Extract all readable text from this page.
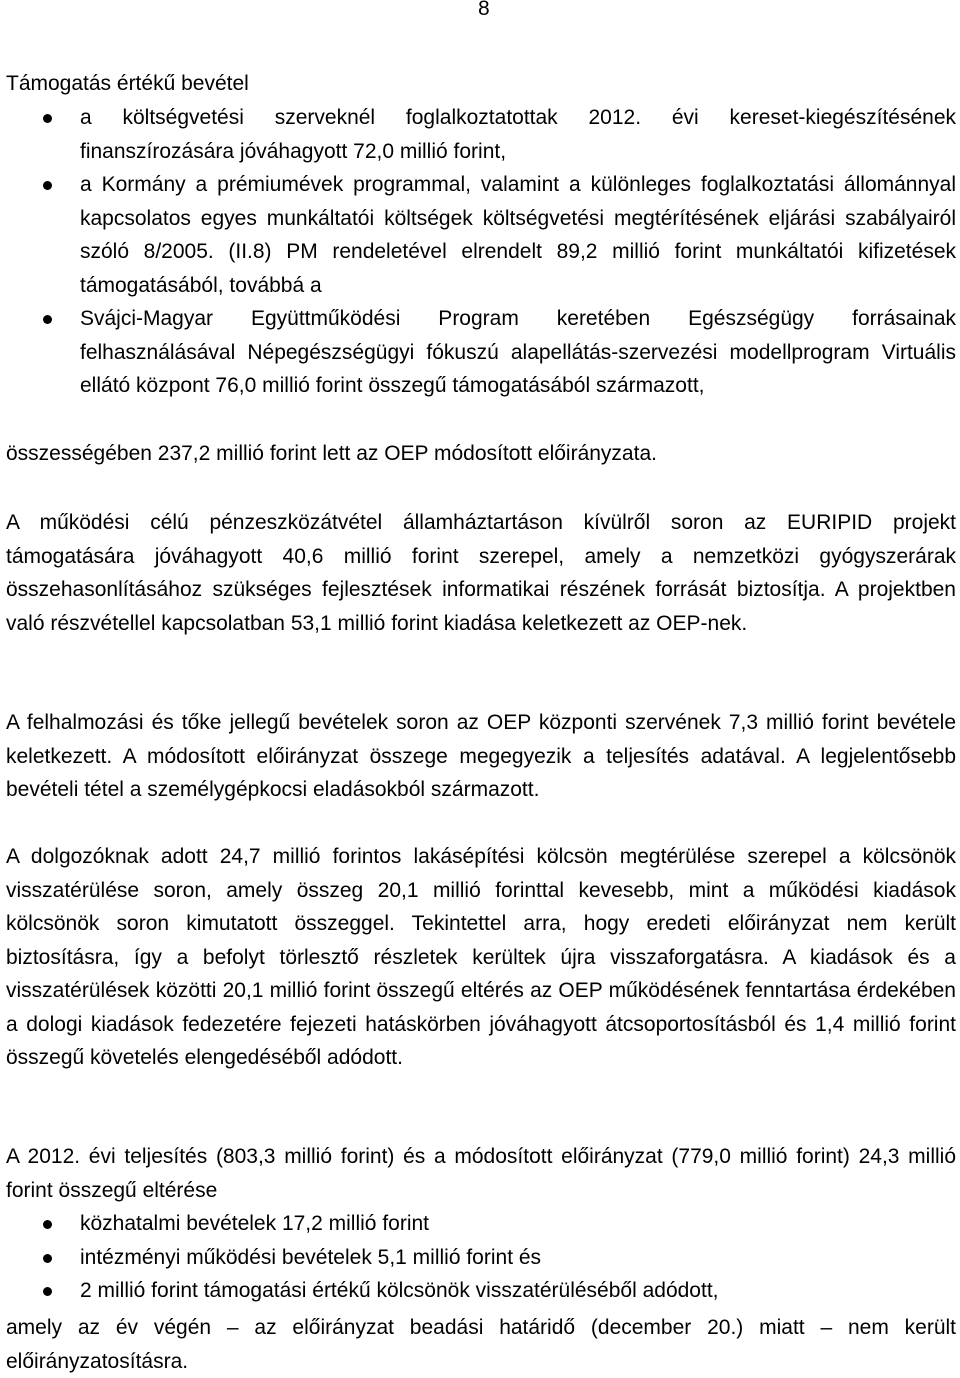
8

Támogatás értékű bevétel

a költségvetési szerveknél foglalkoztatottak 2012. évi kereset-kiegészítésének finanszírozására jóváhagyott 72,0 millió forint,
a Kormány a prémiumévek programmal, valamint a különleges foglalkoztatási állománnyal kapcsolatos egyes munkáltatói költségek költségvetési megtérítésének eljárási szabályairól szóló 8/2005. (II.8) PM rendeletével elrendelt 89,2 millió forint munkáltatói kifizetések támogatásából, továbbá a
Svájci-Magyar Együttműködési Program keretében Egészségügy forrásainak felhasználásával Népegészségügyi fókuszú alapellátás-szervezési modellprogram Virtuális ellátó központ 76,0 millió forint összegű támogatásából származott,

összességében 237,2 millió forint lett az OEP módosított előirányzata.

A működési célú pénzeszközátvétel államháztartáson kívülről soron az EURIPID projekt támogatására jóváhagyott 40,6 millió forint szerepel, amely a nemzetközi gyógyszerárak összehasonlításához szükséges fejlesztések informatikai részének forrását biztosítja. A projektben való részvétellel kapcsolatban 53,1 millió forint kiadása keletkezett az OEP-nek.

A felhalmozási és tőke jellegű bevételek soron az OEP központi szervének 7,3 millió forint bevétele keletkezett. A módosított előirányzat összege megegyezik a teljesítés adatával. A legjelentősebb bevételi tétel a személygépkocsi eladásokból származott.

A dolgozóknak adott 24,7 millió forintos lakásépítési kölcsön megtérülése szerepel a kölcsönök visszatérülése soron, amely összeg 20,1 millió forinttal kevesebb, mint a működési kiadások kölcsönök soron kimutatott összeggel. Tekintettel arra, hogy eredeti előirányzat nem került biztosításra, így a befolyt törlesztő részletek kerültek újra visszaforgatásra. A kiadások és a visszatérülések közötti 20,1 millió forint összegű eltérés az OEP működésének fenntartása érdekében a dologi kiadások fedezetére fejezeti hatáskörben jóváhagyott átcsoportosításból és 1,4 millió forint összegű követelés elengedéséből adódott.

A 2012. évi teljesítés (803,3 millió forint) és a módosított előirányzat (779,0 millió forint) 24,3 millió forint összegű eltérése

közhatalmi bevételek 17,2 millió forint
intézményi működési bevételek 5,1 millió forint és
2 millió forint támogatási értékű kölcsönök visszatérüléséből adódott,

amely az év végén – az előirányzat beadási határidő (december 20.) miatt – nem került előirányzatosításra.
